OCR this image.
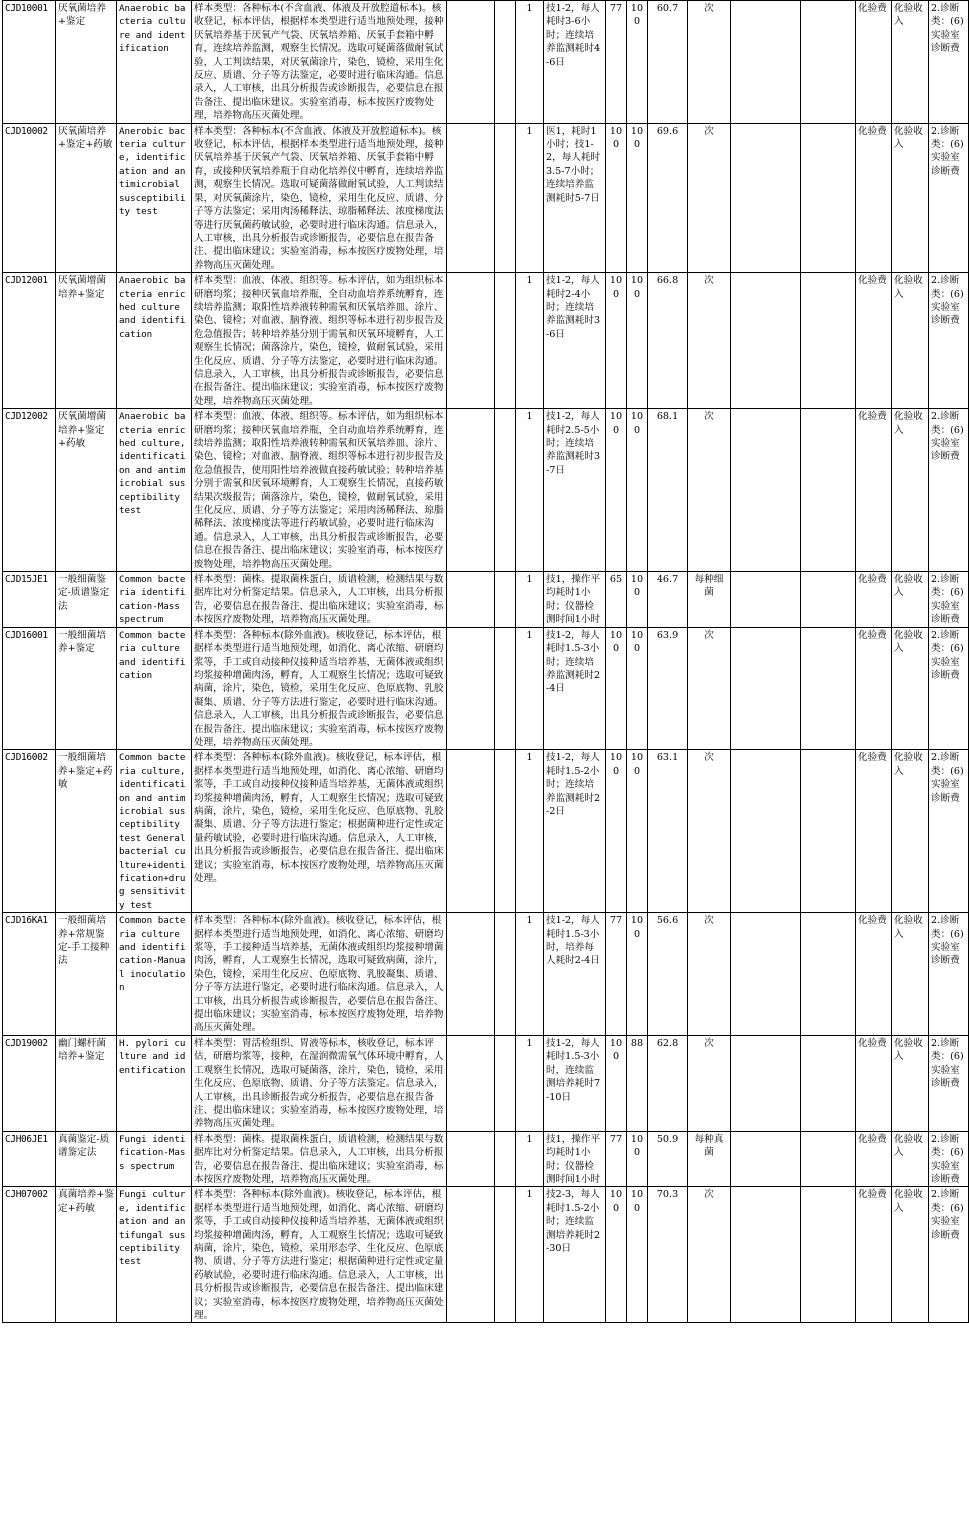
CJD10001	厌氧菌培养+鉴定	Anaerobic bacteria culture and identification	样本类型：各种标本(不含血液、体液及开放腔道标本)。核收登记，标本评估，根据样本类型进行适当地预处理，接种厌氧培养基于厌氧产气袋、厌氧培养箱、厌氧手套箱中孵育，连续培养监测，观察生长情况。选取可疑菌落做耐氧试验，人工判读结果，对厌氧菌涂片，染色，镜检，采用生化反应、质谱、分子等方法鉴定，必要时进行临床沟通。信息录入，人工审核，出具分析报告或诊断报告，必要信息在报告备注、提出临床建议。实验室消毒，标本按医疗废物处理，培养物高压灭菌处理。			1	技1-2，每人耗时3-6小时；连续培养监测耗时4-6日	77	100	60.7	次			化验费	化验收入	2.诊断类：(6)实验室诊断费
CJD10002	厌氧菌培养+鉴定+药敏	Anerobic bacteria culture, identification and antimicrobial susceptibility test	样本类型：各种标本(不含血液、体液及开放腔道标本)。核收登记，标本评估，根据样本类型进行适当地预处理，接种厌氧培养基于厌氧产气袋、厌氧培养箱、厌氧手套箱中孵育，或接种厌氧培养瓶于自动化培养仪中孵育，连续培养监测，观察生长情况。选取可疑菌落做耐氧试验，人工判读结果，对厌氧菌涂片，染色，镜检，采用生化反应、质谱、分子等方法鉴定；采用肉汤稀释法、琼脂稀释法、浓度梯度法等进行厌氧菌药敏试验，必要时进行临床沟通。信息录入，人工审核，出具分析报告或诊断报告，必要信息在报告备注、提出临床建议；实验室消毒，标本按医疗废物处理，培养物高压灭菌处理。			1	医1，耗时1小时；技1-2，每人耗时3.5-7小时；连续培养监测耗时5-7日	100	100	69.6	次			化验费	化验收入	2.诊断类：(6)实验室诊断费
CJD12001	厌氧菌增菌培养+鉴定	Anaerobic bacteria enriched culture and identification	样本类型：血液、体液、组织等。标本评估，如为组织标本研磨均浆；接种厌氧血培养瓶，全自动血培养系统孵育，连续培养监测；取阳性培养液转种需氧和厌氧培养皿、涂片、染色、镜检；对血液、脑脊液、组织等标本进行初步报告及危急值报告；转种培养基分别于需氧和厌氧环境孵育，人工观察生长情况；菌落涂片，染色，镜检，做耐氧试验，采用生化反应、质谱、分子等方法鉴定，必要时进行临床沟通。信息录入，人工审核，出具分析报告或诊断报告，必要信息在报告备注、提出临床建议；实验室消毒，标本按医疗废物处理，培养物高压灭菌处理。			1	技1-2，每人耗时2-4小时；连续培养监测耗时3-6日	100	100	66.8	次			化验费	化验收入	2.诊断类：(6)实验室诊断费
CJD12002	厌氧菌增菌培养+鉴定+药敏	Anaerobic bacteria enriched culture, identification and antimicrobial susceptibility test	样本类型：血液、体液、组织等。标本评估，如为组织标本研磨均浆；接种厌氧血培养瓶，全自动血培养系统孵育，连续培养监测；取阳性培养液转种需氧和厌氧培养皿、涂片、染色、镜检；对血液、脑脊液、组织等标本进行初步报告及危急值报告，使用阳性培养液做直接药敏试验；转种培养基分别于需氧和厌氧环境孵育，人工观察生长情况，直接药敏结果次级报告；菌落涂片，染色，镜检，做耐氧试验，采用生化反应、质谱、分子等方法鉴定；采用肉汤稀释法、琼脂稀释法、浓度梯度法等进行药敏试验，必要时进行临床沟通。信息录入，人工审核，出具分析报告或诊断报告，必要信息在报告备注、提出临床建议；实验室消毒，标本按医疗废物处理，培养物高压灭菌处理。			1	技1-2，每人耗时2.5-5小时；连续培养监测耗时3-7日	100	100	68.1	次			化验费	化验收入	2.诊断类：(6)实验室诊断费
CJD15JE1	一般细菌鉴定-质谱鉴定法	Common bacteria identification-Mass spectrum	样本类型：菌株。提取菌株蛋白，质谱检测，检测结果与数据库比对分析鉴定结果。信息录入，人工审核，出具分析报告，必要信息在报告备注、提出临床建议；实验室消毒，标本按医疗废物处理，培养物高压灭菌处理。			1	技1，操作平均耗时1小时；仪器检测时间1小时	65	100	46.7	每种细菌			化验费	化验收入	2.诊断类：(6)实验室诊断费
CJD16001	一般细菌培养+鉴定	Common bacteria culture and identification	样本类型：各种标本(除外血液)。核收登记，标本评估，根据样本类型进行适当地预处理，如消化、离心浓缩、研磨均浆等，手工或自动接种仪接种适当培养基，无菌体液或组织均浆接种增菌肉汤，孵育，人工观察生长情况；选取可疑致病菌，涂片，染色，镜检，采用生化反应、色原底物、乳胶凝集、质谱、分子等方法进行鉴定，必要时进行临床沟通。信息录入，人工审核，出具分析报告或诊断报告，必要信息在报告备注、提出临床建议；实验室消毒，标本按医疗废物处理，培养物高压灭菌处理。			1	技1-2，每人耗时1.5-3小时；连续培养监测耗时2-4日	100	100	63.9	次			化验费	化验收入	2.诊断类：(6)实验室诊断费
CJD16002	一般细菌培养+鉴定+药敏	Common bacteria culture, identification and antimicrobial susceptibility test General bacterial culture+identification+drug sensitivity test	样本类型：各种标本(除外血液)。核收登记，标本评估，根据样本类型进行适当地预处理，如消化、离心浓缩、研磨均浆等，手工或自动接种仪接种适当培养基，无菌体液或组织均浆接种增菌肉汤，孵育，人工观察生长情况；选取可疑致病菌，涂片，染色，镜检，采用生化反应、色原底物、乳胶凝集、质谱、分子等方法进行鉴定；根据菌种进行定性或定量药敏试验，必要时进行临床沟通。信息录入，人工审核，出具分析报告或诊断报告，必要信息在报告备注、提出临床建议；实验室消毒，标本按医疗废物处理，培养物高压灭菌处理。			1	技1-2，每人耗时1.5-2小时；连续培养监测耗时2-2日	100	100	63.1	次			化验费	化验收入	2.诊断类：(6)实验室诊断费
CJD16KA1	一般细菌培养+常规鉴定-手工接种法	Common bacteria culture and identification-Manual inoculation	样本类型：各种标本(除外血液)。核收登记，标本评估，根据样本类型进行适当地预处理，如消化、离心浓缩、研磨均浆等，手工接种适当培养基，无菌体液或组织均浆接种增菌肉汤，孵育，人工观察生长情况，选取可疑致病菌，涂片，染色，镜检，采用生化反应、色原底物、乳胶凝集、质谱、分子等方法进行鉴定，必要时进行临床沟通。信息录入，人工审核，出具分析报告或诊断报告，必要信息在报告备注、提出临床建议；实验室消毒，标本按医疗废物处理，培养物高压灭菌处理。			1	技1-2，每人耗时1.5-3小时，培养每人耗时2-4日	77	100	56.6	次			化验费	化验收入	2.诊断类：(6)实验室诊断费
CJD19002	幽门螺杆菌培养+鉴定	H. pylori culture and identification	样本类型：胃活检组织、胃液等标本，核收登记，标本评估，研磨均浆等，接种，在湿润微需氧气体环境中孵育，人工观察生长情况，选取可疑菌落，涂片，染色，镜检，采用生化反应、色原底物、质谱、分子等方法鉴定。信息录入，人工审核，出具诊断报告或分析报告，必要信息在报告备注、提出临床建议；实验室消毒，标本按医疗废物处理，培养物高压灭菌处理。			1	技1-2，每人耗时1.5-3小时，连续监测培养耗时7-10日	100	88	62.8	次			化验费	化验收入	2.诊断类：(6)实验室诊断费
CJH06JE1	真菌鉴定-质谱鉴定法	Fungi identification-Mass spectrum	样本类型：菌株。提取菌株蛋白，质谱检测，检测结果与数据库比对分析鉴定结果。信息录入，人工审核，出具分析报告，必要信息在报告备注、提出临床建议；实验室消毒，标本按医疗废物处理，培养物高压灭菌处理。			1	技1，操作平均耗时1小时；仪器检测时间1小时	77	100	50.9	每种真菌			化验费	化验收入	2.诊断类：(6)实验室诊断费
CJH07002	真菌培养+鉴定+药敏	Fungi culture, identification and antifungal susceptibility test	样本类型：各种标本(除外血液)。核收登记，标本评估，根据样本类型进行适当地预处理，如消化、离心浓缩、研磨均浆等，手工或自动接种仪接种适当培养基，无菌体液或组织均浆接种增菌肉汤，孵育，人工观察生长情况；选取可疑致病菌，涂片，染色，镜检，采用形态学、生化反应、色原底物、质谱、分子等方法进行鉴定；根据菌种进行定性或定量药敏试验，必要时进行临床沟通。信息录入，人工审核，出具分析报告或诊断报告，必要信息在报告备注、提出临床建议；实验室消毒，标本按医疗废物处理，培养物高压灭菌处理。			1	技2-3，每人耗时1.5-2小时；连续监测培养耗时2-30日	100	100	70.3	次			化验费	化验收入	2.诊断类：(6)实验室诊断费
